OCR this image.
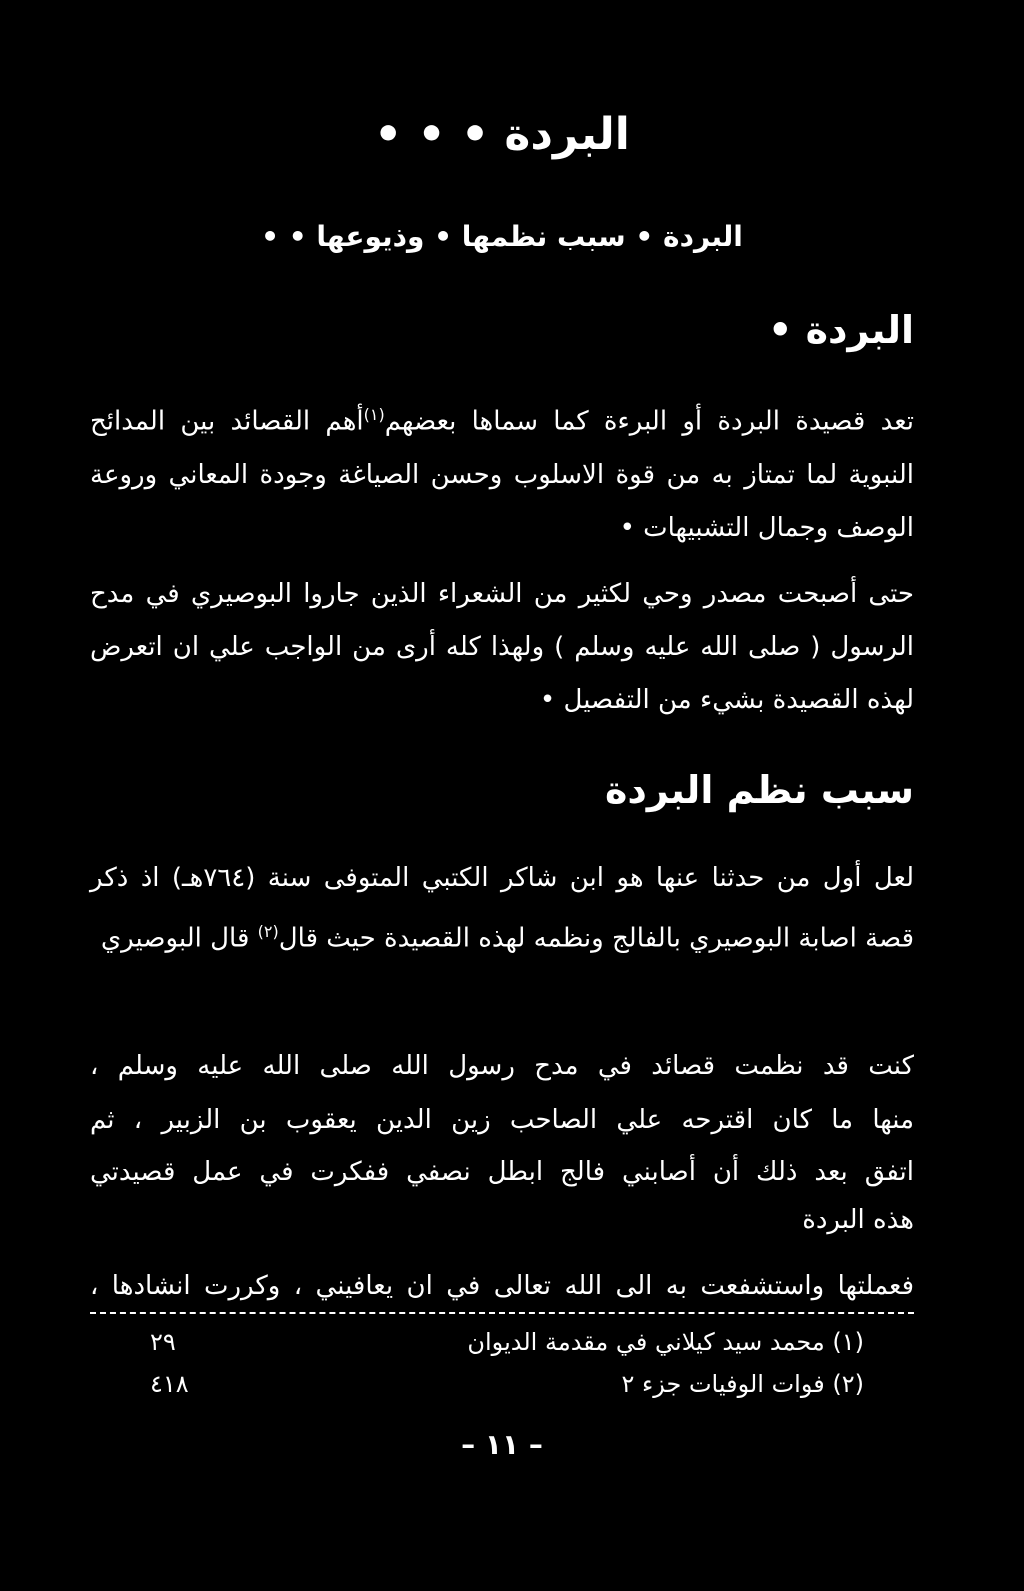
البردة • • •
البردة • سبب نظمها • وذيوعها • •
البردة •
تعد قصيدة البردة أو البرءة كما سماها بعضهم$^{(١)}$أهم القصائد بين المدائح النبوية لما تمتاز به من قوة الاسلوب وحسن الصياغة وجودة المعاني وروعة الوصف وجمال التشبيهات •
حتى أصبحت مصدر وحي لكثير من الشعراء الذين جاروا البوصيري في مدح الرسول ( صلى الله عليه وسلم ) ولهذا كله أرى من الواجب علي ان اتعرض لهذه القصيدة بشيء من التفصيل •
سبب نظم البردة
لعل أول من حدثنا عنها هو ابن شاكر الكتبي المتوفى سنة (٧٦٤هـ) اذ ذكر قصة اصابة البوصيري بالفالج ونظمه لهذه القصيدة حيث قال$^{(٢)}$ قال البوصيري
كنت قد نظمت قصائد في مدح رسول الله صلى الله عليه وسلم ،
منها ما كان اقترحه علي الصاحب زين الدين يعقوب بن الزبير ، ثم
اتفق بعد ذلك أن أصابني فالج ابطل نصفي ففكرت في عمل قصيدتي
هذه البردة
فعملتها واستشفعت به الى الله تعالى في ان يعافيني ، وكررت انشادها ،
(١) محمد سيد كيلاني في مقدمة الديوان
٢٩
(٢) فوات الوفيات جزء ٢
٤١٨
– ١١ –
